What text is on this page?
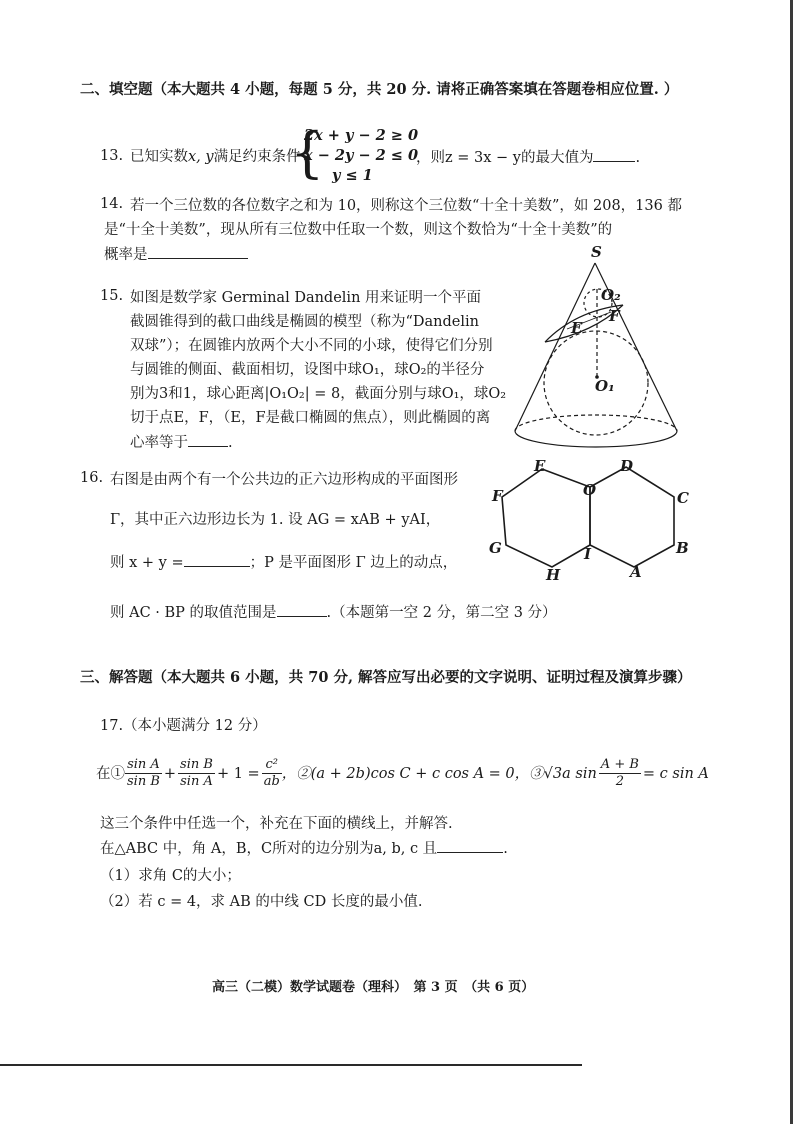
二、填空题（本大题共 4 小题，每题 5 分，共 20 分. 请将正确答案填在答题卷相应位置. ）
13. 已知实数x, y满足约束条件
{
2x + y − 2 ≥ 0
x − 2y − 2 ≤ 0
y ≤ 1
，则z = 3x − y的最大值为	.
14. 若一个三位数的各位数字之和为 10，则称这个三位数“十全十美数”，如 208，136 都
是“十全十美数”，现从所有三位数中任取一个数，则这个数恰为“十全十美数”的
概率是
15. 如图是数学家 Germinal Dandelin 用来证明一个平面
截圆锥得到的截口曲线是椭圆的模型（称为“Dandelin
双球”）；在圆锥内放两个大小不同的小球，使得它们分别
与圆锥的侧面、截面相切，设图中球O₁，球O₂的半径分
别为3和1，球心距离|O₁O₂| = 8，截面分别与球O₁，球O₂
切于点E，F，（E，F是截口椭圆的焦点），则此椭圆的离
心率等于	.
S
O₂
E
F
O₁
16. 右图是由两个有一个公共边的正六边形构成的平面图形
Γ，其中正六边形边长为 1. 设 AG = xAB + yAI，
则 x + y =	；P 是平面图形 Γ 边上的动点，
则 AC · BP 的取值范围是	.（本题第一空 2 分，第二空 3 分）
E	D
F	O	C
G	I	B
H	A
三、解答题（本大题共 6 小题，共 70 分, 解答应写出必要的文字说明、证明过程及演算步骤）
17.（本小题满分 12 分）
在① $\frac{\text{sin A}}{\text{sin B}} + \frac{\text{sin B}}{\text{sin A}} + 1 = \frac{\text{c²}}{ab}$ ，②(a + 2b)cos C + c cos A = 0，③√3a $\sin \frac{A + B}{2} = c$ sin A
这三个条件中任选一个，补充在下面的横线上，并解答.
在△ABC 中，角 A，B，C所对的边分别为a, b, c 且	.
（1）求角 C的大小；
（2）若 c = 4，求 AB 的中线 CD 长度的最小值.
高三（二模）数学试题卷（理科）　第 3 页　（共 6 页）
